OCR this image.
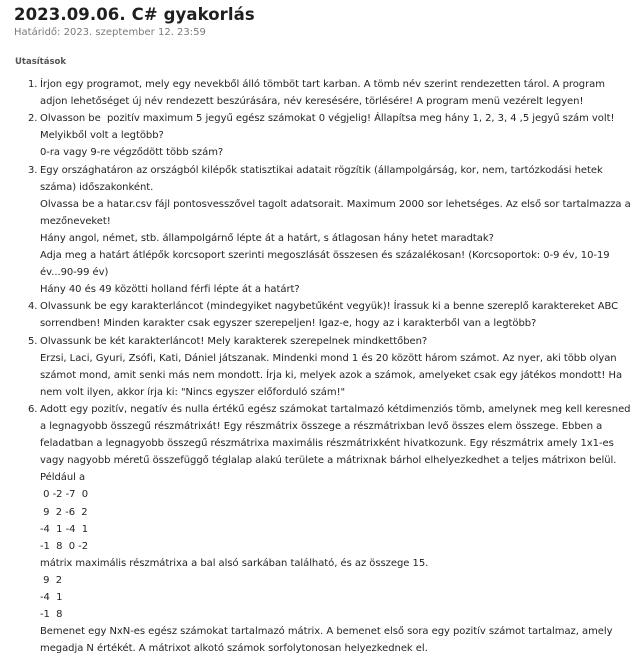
2023.09.06. C# gyakorlás
Határidő: 2023. szeptember 12. 23:59
Utasítások
1. Írjon egy programot, mely egy nevekből álló tömböt tart karban. A tömb név szerint rendezetten tárol. A program
adjon lehetőséget új név rendezett beszúrására, név keresésére, törlésére! A program menü vezérelt legyen!
2. Olvasson be  pozitív maximum 5 jegyű egész számokat 0 végjelig! Állapítsa meg hány 1, 2, 3, 4 ,5 jegyű szám volt!
Melyikből volt a legtöbb?
0-ra vagy 9-re végződött több szám?
3. Egy országhatáron az országból kilépők statisztikai adatait rögzítik (állampolgárság, kor, nem, tartózkodási hetek
száma) időszakonként.
Olvassa be a hatar.csv fájl pontosvesszővel tagolt adatsorait. Maximum 2000 sor lehetséges. Az első sor tartalmazza a
mezőneveket!
Hány angol, német, stb. állampolgárnő lépte át a határt, s átlagosan hány hetet maradtak?
Adja meg a határt átlépők korcsoport szerinti megoszlását összesen és százalékosan! (Korcsoportok: 0-9 év, 10-19
év...90-99 év)
Hány 40 és 49 közötti holland férfi lépte át a határt?
4. Olvassunk be egy karakterláncot (mindegyiket nagybetűként vegyük)! Írassuk ki a benne szereplő karaktereket ABC
sorrendben! Minden karakter csak egyszer szerepeljen! Igaz-e, hogy az i karakterből van a legtöbb?
5. Olvassunk be két karakterláncot! Mely karakterek szerepelnek mindkettőben?
Erzsi, Laci, Gyuri, Zsófi, Kati, Dániel játszanak. Mindenki mond 1 és 20 között három számot. Az nyer, aki több olyan
számot mond, amit senki más nem mondott. Írja ki, melyek azok a számok, amelyeket csak egy játékos mondott! Ha
nem volt ilyen, akkor írja ki: "Nincs egyszer előforduló szám!"
6. Adott egy pozitív, negatív és nulla értékű egész számokat tartalmazó kétdimenziós tömb, amelynek meg kell keresned
a legnagyobb összegű részmátrixát! Egy részmátrix összege a részmátrixban levő összes elem összege. Ebben a
feladatban a legnagyobb összegű részmátrixa maximális részmátrixként hivatkozunk. Egy részmátrix amely 1x1-es
vagy nagyobb méretű összefüggő téglalap alakú területe a mátrixnak bárhol elhelyezkedhet a teljes mátrixon belül.
Például a
0 -2 -7  0
9  2 -6  2
-4  1 -4  1
-1  8  0 -2
mátrix maximális részmátrixa a bal alsó sarkában található, és az összege 15.
9  2
-4  1
-1  8
Bemenet egy NxN-es egész számokat tartalmazó mátrix. A bemenet első sora egy pozitív számot tartalmaz, amely
megadja N értékét. A mátrixot alkotó számok sorfolytonosan helyezkednek el.
